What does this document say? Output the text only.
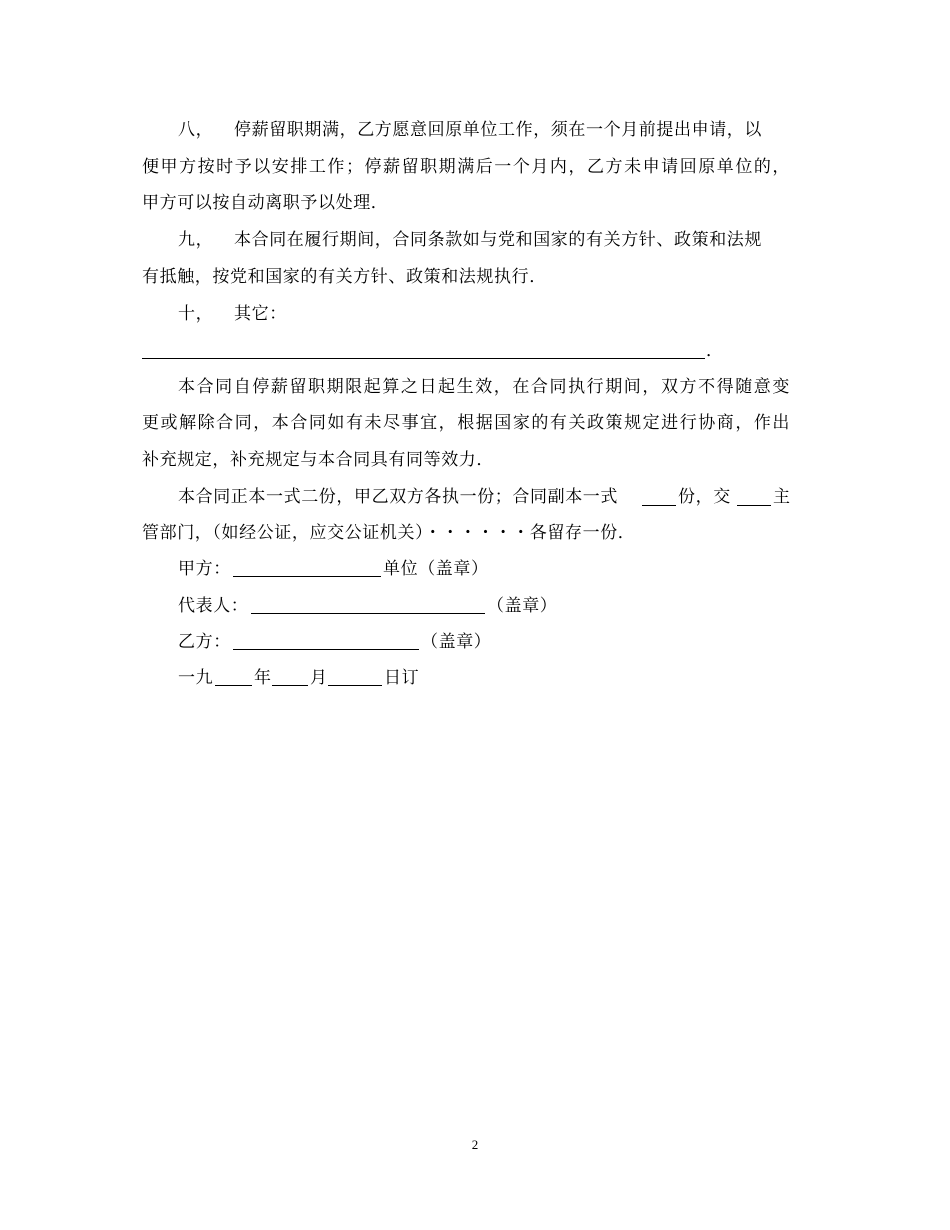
八， 停薪留职期满，乙方愿意回原单位工作，须在一个月前提出申请，以
便甲方按时予以安排工作；停薪留职期满后一个月内，乙方未申请回原单位的，
甲方可以按自动离职予以处理．
九， 本合同在履行期间，合同条款如与党和国家的有关方针、政策和法规
有抵触，按党和国家的有关方针、政策和法规执行．
十， 其它：
．
本合同自停薪留职期限起算之日起生效，在合同执行期间，双方不得随意变
更或解除合同，本合同如有未尽事宜，根据国家的有关政策规定进行协商，作出
补充规定，补充规定与本合同具有同等效力．
本合同正本一式二份，甲乙双方各执一份；合同副本一式	份，交 主
管部门，（如经公证，应交公证机关）・・・・・・各留存一份．
甲方：	单位（盖章）
代表人：	（盖章）
乙方：	（盖章）
一九 年 月	日订
2
